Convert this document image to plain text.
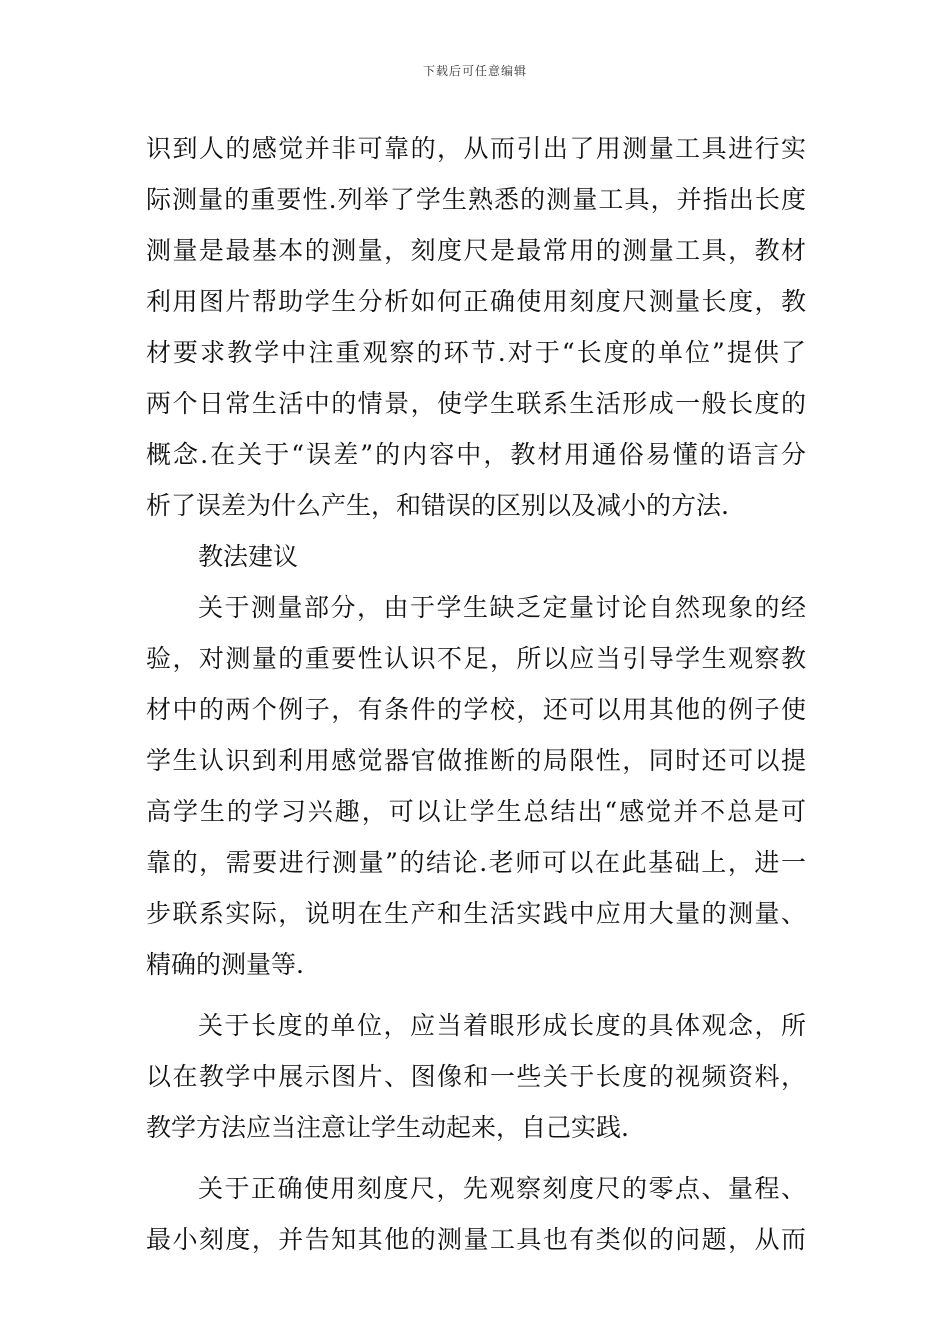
下载后可任意编辑
识到人的感觉并非可靠的，从而引出了用测量工具进行实
际测量的重要性.列举了学生熟悉的测量工具，并指出长度
测量是最基本的测量，刻度尺是最常用的测量工具，教材
利用图片帮助学生分析如何正确使用刻度尺测量长度，教
材要求教学中注重观察的环节.对于“长度的单位”提供了
两个日常生活中的情景，使学生联系生活形成一般长度的
概念.在关于“误差”的内容中，教材用通俗易懂的语言分
析了误差为什么产生，和错误的区别以及减小的方法.
教法建议
关于测量部分，由于学生缺乏定量讨论自然现象的经
验，对测量的重要性认识不足，所以应当引导学生观察教
材中的两个例子，有条件的学校，还可以用其他的例子使
学生认识到利用感觉器官做推断的局限性，同时还可以提
高学生的学习兴趣，可以让学生总结出“感觉并不总是可
靠的，需要进行测量”的结论.老师可以在此基础上，进一
步联系实际，说明在生产和生活实践中应用大量的测量、
精确的测量等.
关于长度的单位，应当着眼形成长度的具体观念，所
以在教学中展示图片、图像和一些关于长度的视频资料，
教学方法应当注意让学生动起来，自己实践.
关于正确使用刻度尺，先观察刻度尺的零点、量程、
最小刻度，并告知其他的测量工具也有类似的问题，从而
